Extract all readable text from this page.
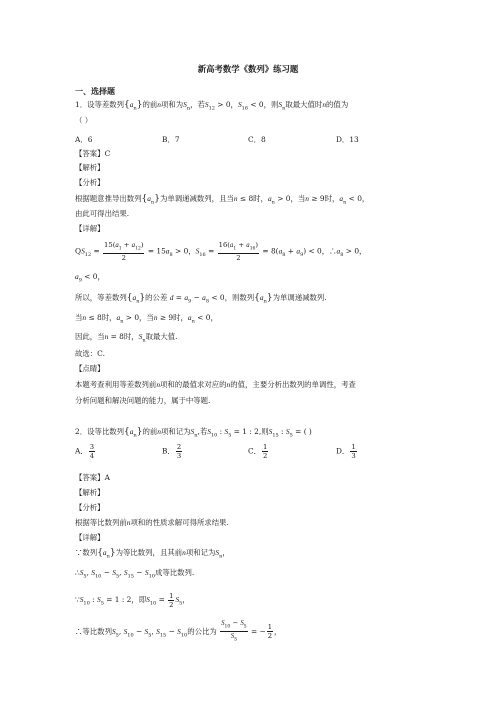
新高考数学《数列》练习题
一、选择题
1．设等差数列$\{a_n\}$的前n项和为$S_n$，若$S_{12} > 0$，$S_{16} < 0$，则$S_n$取最大值时n的值为
（ ）
A．6	B．7	C．8	D．13
【答案】C
【解析】
【分析】
根据题意推导出数列$\{a_n\}$为单调递减数列，且当n ≤ 8时，$a_n > 0$，当n ≥ 9时，$a_n < 0$，
由此可得出结果.
【详解】
$QS_{12} = \frac{15(a_1 + a_{12})}{2} = 15a_8 > 0$，$S_{16} = \frac{16(a_1 + a_{16})}{2} = 8(a_8 + a_9) < 0$，$\therefore a_8 > 0$，
$a_9 < 0$，
所以，等差数列$\{a_n\}$的公差 $d = a_9 - a_8 < 0$，则数列$\{a_n\}$为单调递减数列.
当n ≤ 8时，$a_n > 0$，当n ≥ 9时，$a_n < 0$，
因此，当n = 8时，$S_n$取最大值.
故选：C.
【点睛】
本题考查利用等差数列前n项和的最值求对应的n的值，主要分析出数列的单调性，考查
分析问题和解决问题的能力，属于中等题.
2．设等比数列$\{a_n\}$的前n项和记为$S_n$,若$S_{10}$ : $S_5 = 1$ : 2,则$S_{15}$ : $S_5$ = ( )
A． $\frac{3}{4}$	B． $\frac{2}{3}$	C． $\frac{1}{2}$	D． $\frac{1}{3}$
【答案】A
【解析】
【分析】
根据等比数列前n项和的性质求解可得所求结果.
【详解】
∵数列$\{a_n\}$为等比数列，且其前n项和记为$S_n$，
$\therefore S_5$, $S_{10} - S_5$, $S_{15} - S_{10}$成等比数列.
$\because S_{10}$ : $S_5 = 1$ : 2，即$S_{10} = \frac{1}{2} S_5$，
∴等比数列$S_5$, $S_{10} - S_5$, $S_{15} - S_{10}$的公比为 $\frac{S_{10} - S_5}{S_5}$ = − $\frac{1}{2}$ ，
